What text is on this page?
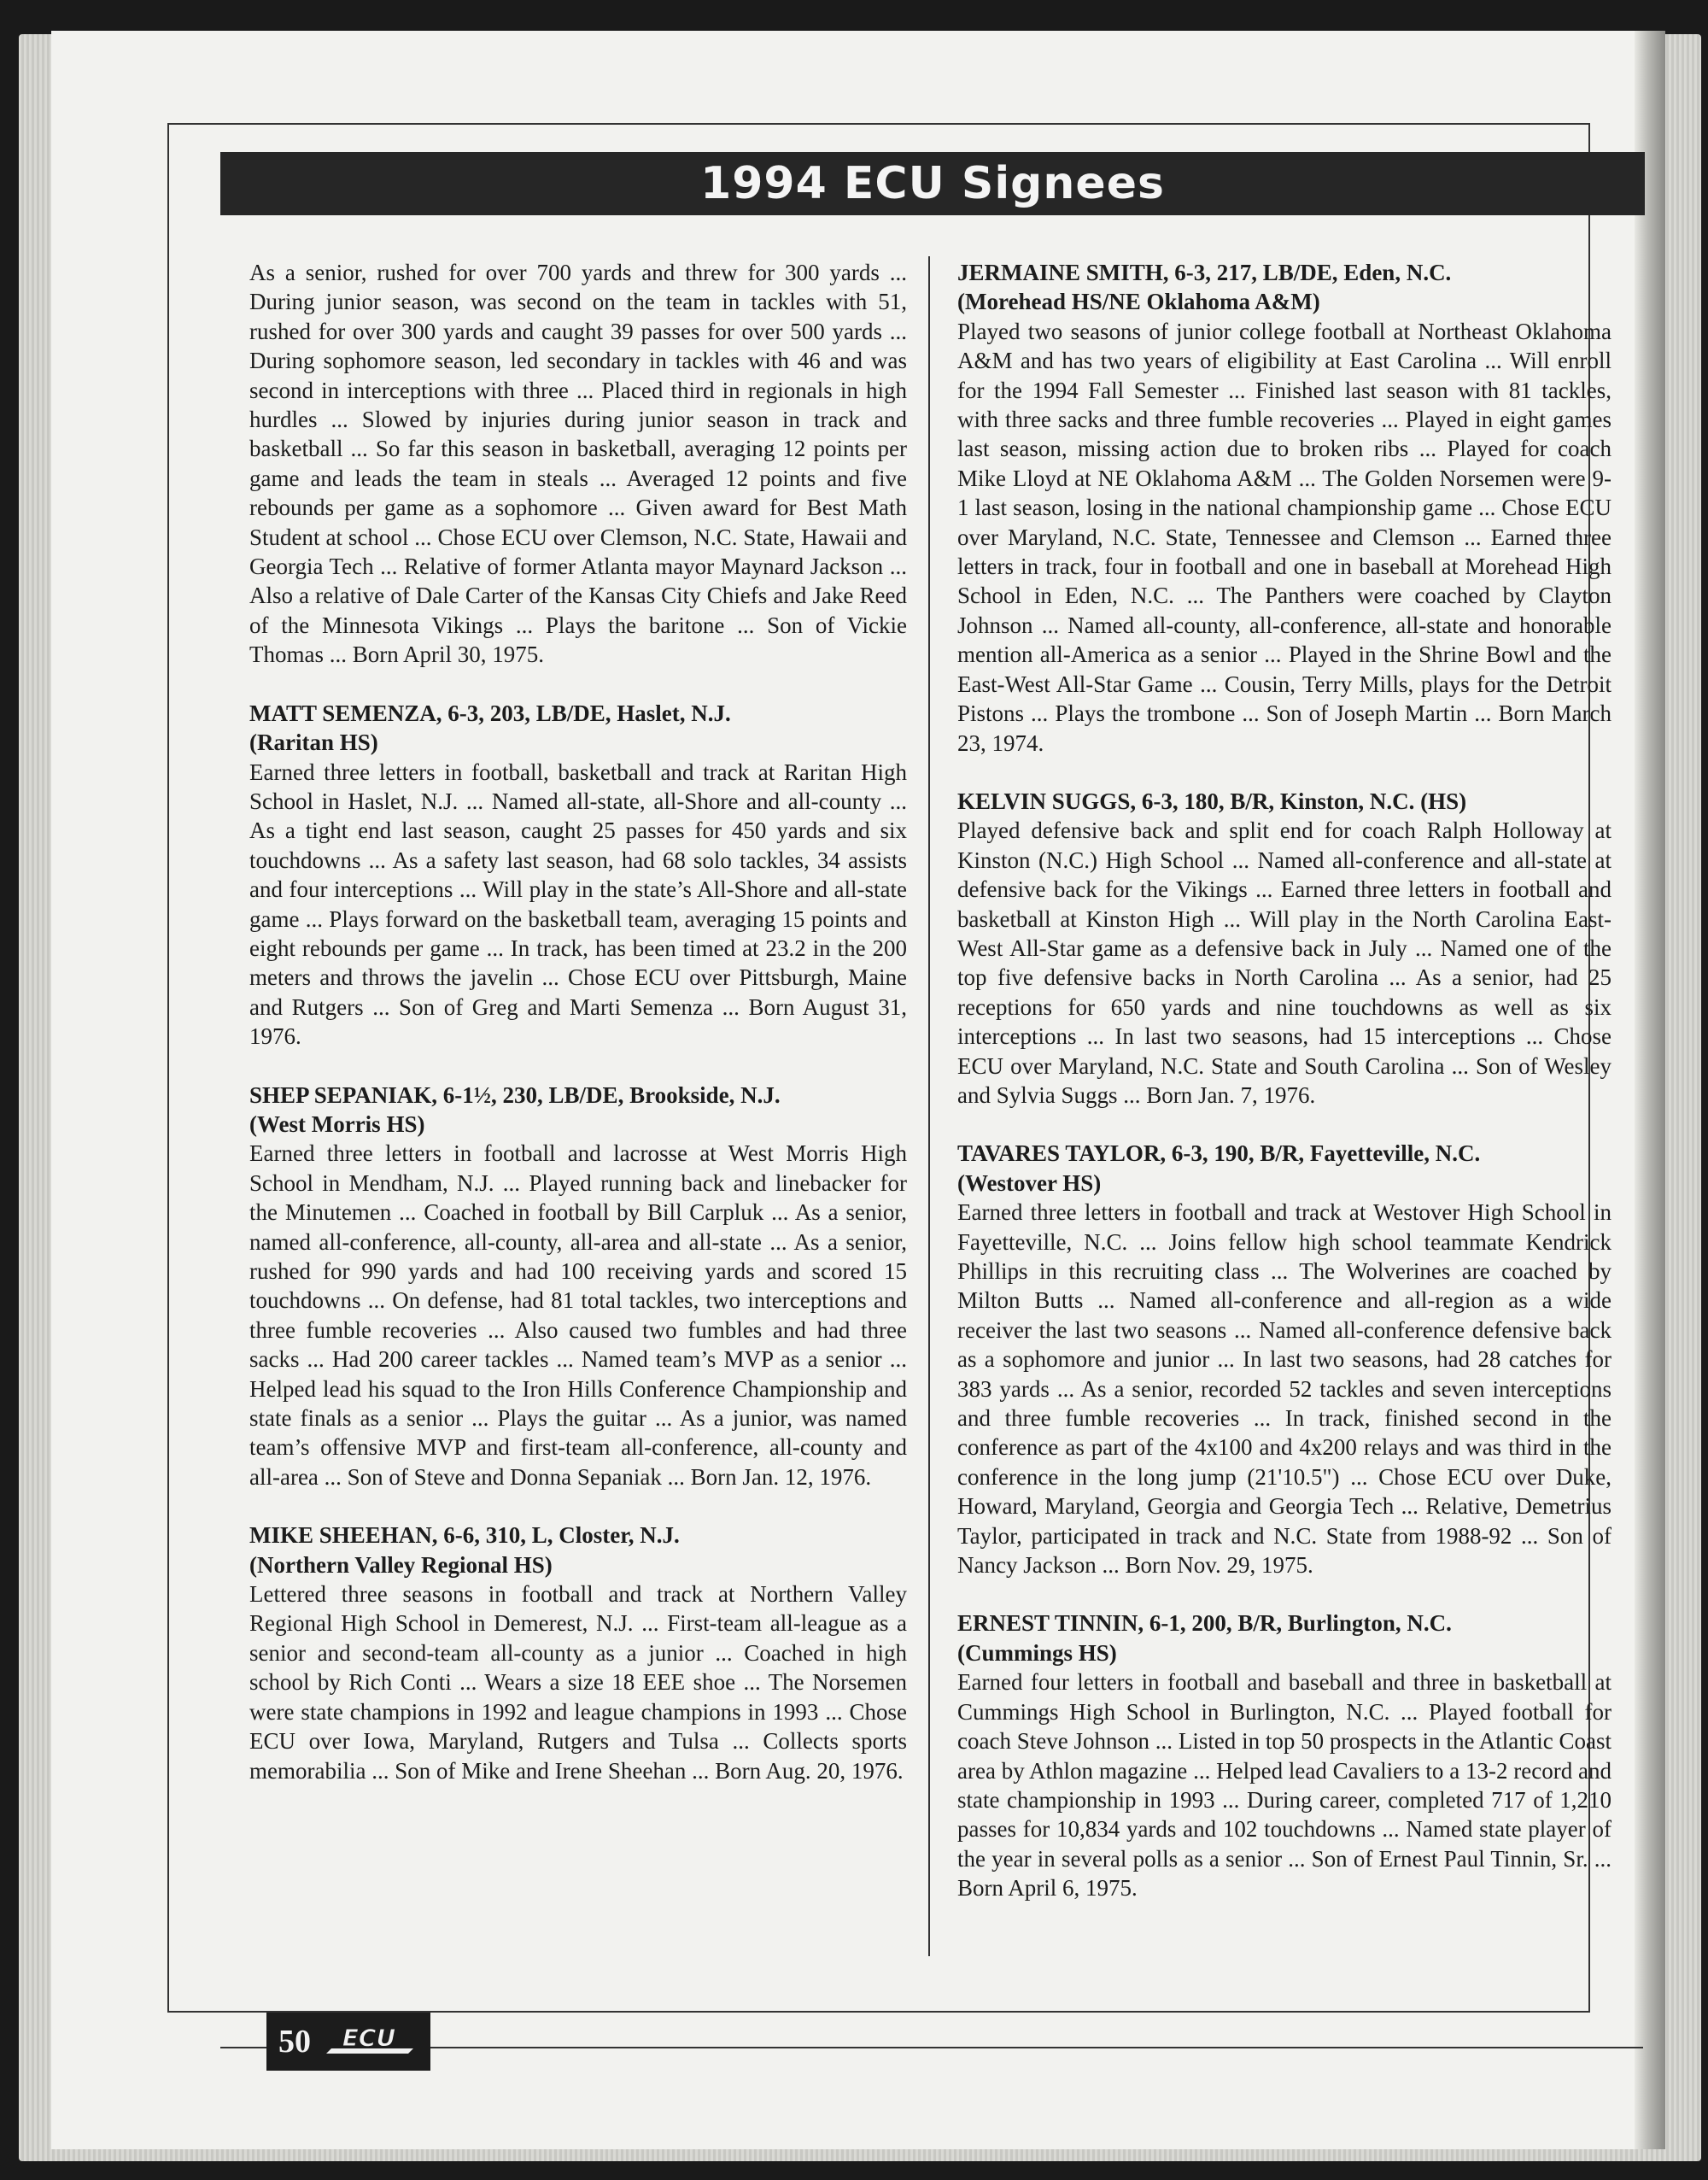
1994 ECU Signees
As a senior, rushed for over 700 yards and threw for 300 yards ... During junior season, was second on the team in tackles with 51, rushed for over 300 yards and caught 39 passes for over 500 yards ... During sophomore season, led secondary in tackles with 46 and was second in interceptions with three ... Placed third in regionals in high hurdles ... Slowed by injuries during junior season in track and basketball ... So far this season in basketball, averaging 12 points per game and leads the team in steals ... Averaged 12 points and five rebounds per game as a sophomore ... Given award for Best Math Student at school ... Chose ECU over Clemson, N.C. State, Hawaii and Georgia Tech ... Relative of former Atlanta mayor Maynard Jackson ... Also a relative of Dale Carter of the Kansas City Chiefs and Jake Reed of the Minnesota Vikings ... Plays the baritone ... Son of Vickie Thomas ... Born April 30, 1975.
MATT SEMENZA, 6-3, 203, LB/DE, Haslet, N.J.
(Raritan HS)
Earned three letters in football, basketball and track at Raritan High School in Haslet, N.J. ... Named all-state, all-Shore and all-county ... As a tight end last season, caught 25 passes for 450 yards and six touchdowns ... As a safety last season, had 68 solo tackles, 34 assists and four interceptions ... Will play in the state’s All-Shore and all-state game ... Plays forward on the basketball team, averaging 15 points and eight rebounds per game ... In track, has been timed at 23.2 in the 200 meters and throws the javelin ... Chose ECU over Pittsburgh, Maine and Rutgers ... Son of Greg and Marti Semenza ... Born August 31, 1976.
SHEP SEPANIAK, 6-1½, 230, LB/DE, Brookside, N.J.
(West Morris HS)
Earned three letters in football and lacrosse at West Morris High School in Mendham, N.J. ... Played running back and linebacker for the Minutemen ... Coached in football by Bill Carpluk ... As a senior, named all-conference, all-county, all-area and all-state ... As a senior, rushed for 990 yards and had 100 receiving yards and scored 15 touchdowns ... On defense, had 81 total tackles, two interceptions and three fumble recoveries ... Also caused two fumbles and had three sacks ... Had 200 career tackles ... Named team’s MVP as a senior ... Helped lead his squad to the Iron Hills Conference Championship and state finals as a senior ... Plays the guitar ... As a junior, was named team’s offensive MVP and first-team all-conference, all-county and all-area ... Son of Steve and Donna Sepaniak ... Born Jan. 12, 1976.
MIKE SHEEHAN, 6-6, 310, L, Closter, N.J.
(Northern Valley Regional HS)
Lettered three seasons in football and track at Northern Valley Regional High School in Demerest, N.J. ... First-team all-league as a senior and second-team all-county as a junior ... Coached in high school by Rich Conti ... Wears a size 18 EEE shoe ... The Norsemen were state champions in 1992 and league champions in 1993 ... Chose ECU over Iowa, Maryland, Rutgers and Tulsa ... Collects sports memorabilia ... Son of Mike and Irene Sheehan ... Born Aug. 20, 1976.
JERMAINE SMITH, 6-3, 217, LB/DE, Eden, N.C.
(Morehead HS/NE Oklahoma A&M)
Played two seasons of junior college football at Northeast Oklahoma A&M and has two years of eligibility at East Carolina ... Will enroll for the 1994 Fall Semester ... Finished last season with 81 tackles, with three sacks and three fumble recoveries ... Played in eight games last season, missing action due to broken ribs ... Played for coach Mike Lloyd at NE Oklahoma A&M ... The Golden Norsemen were 9-1 last season, losing in the national championship game ... Chose ECU over Maryland, N.C. State, Tennessee and Clemson ... Earned three letters in track, four in football and one in baseball at Morehead High School in Eden, N.C. ... The Panthers were coached by Clayton Johnson ... Named all-county, all-conference, all-state and honorable mention all-America as a senior ... Played in the Shrine Bowl and the East-West All-Star Game ... Cousin, Terry Mills, plays for the Detroit Pistons ... Plays the trombone ... Son of Joseph Martin ... Born March 23, 1974.
KELVIN SUGGS, 6-3, 180, B/R, Kinston, N.C. (HS)
Played defensive back and split end for coach Ralph Holloway at Kinston (N.C.) High School ... Named all-conference and all-state at defensive back for the Vikings ... Earned three letters in football and basketball at Kinston High ... Will play in the North Carolina East-West All-Star game as a defensive back in July ... Named one of the top five defensive backs in North Carolina ... As a senior, had 25 receptions for 650 yards and nine touchdowns as well as six interceptions ... In last two seasons, had 15 interceptions ... Chose ECU over Maryland, N.C. State and South Carolina ... Son of Wesley and Sylvia Suggs ... Born Jan. 7, 1976.
TAVARES TAYLOR, 6-3, 190, B/R, Fayetteville, N.C.
(Westover HS)
Earned three letters in football and track at Westover High School in Fayetteville, N.C. ... Joins fellow high school teammate Kendrick Phillips in this recruiting class ... The Wolverines are coached by Milton Butts ... Named all-conference and all-region as a wide receiver the last two seasons ... Named all-conference defensive back as a sophomore and junior ... In last two seasons, had 28 catches for 383 yards ... As a senior, recorded 52 tackles and seven interceptions and three fumble recoveries ... In track, finished second in the conference as part of the 4x100 and 4x200 relays and was third in the conference in the long jump (21'10.5") ... Chose ECU over Duke, Howard, Maryland, Georgia and Georgia Tech ... Relative, Demetrius Taylor, participated in track and N.C. State from 1988-92 ... Son of Nancy Jackson ... Born Nov. 29, 1975.
ERNEST TINNIN, 6-1, 200, B/R, Burlington, N.C.
(Cummings HS)
Earned four letters in football and baseball and three in basketball at Cummings High School in Burlington, N.C. ... Played football for coach Steve Johnson ... Listed in top 50 prospects in the Atlantic Coast area by Athlon magazine ... Helped lead Cavaliers to a 13-2 record and state championship in 1993 ... During career, completed 717 of 1,210 passes for 10,834 yards and 102 touchdowns ... Named state player of the year in several polls as a senior ... Son of Ernest Paul Tinnin, Sr. ... Born April 6, 1975.
50 ECU
